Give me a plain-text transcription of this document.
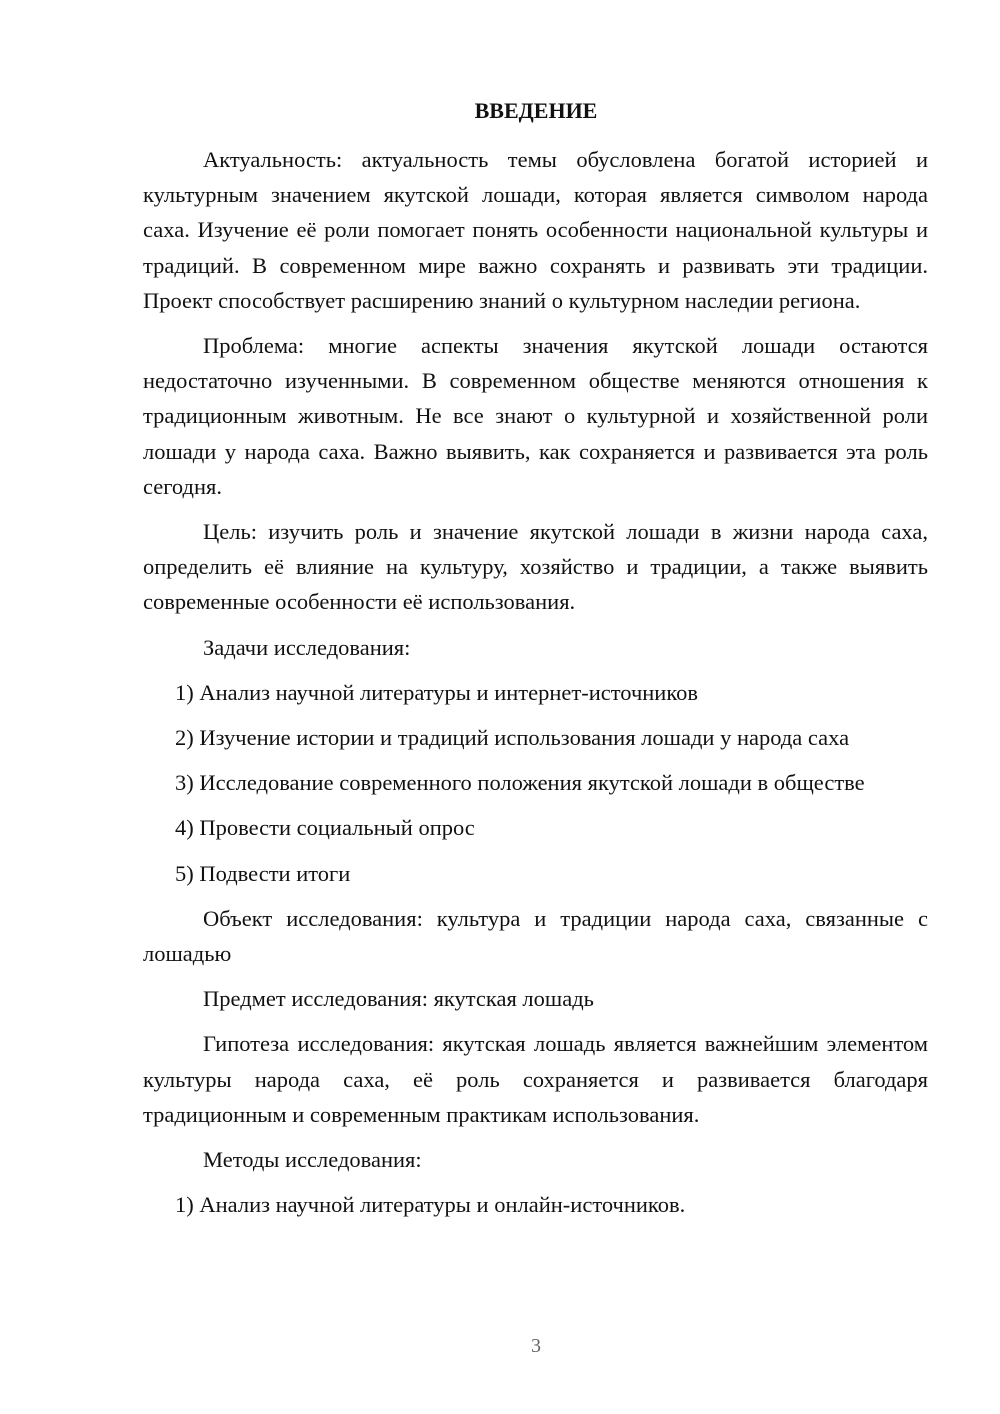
ВВЕДЕНИЕ

Актуальность: актуальность темы обусловлена богатой историей и культурным значением якутской лошади, которая является символом народа саха. Изучение её роли помогает понять особенности национальной культуры и традиций. В современном мире важно сохранять и развивать эти традиции. Проект способствует расширению знаний о культурном наследии региона.

Проблема: многие аспекты значения якутской лошади остаются недостаточно изученными. В современном обществе меняются отношения к традиционным животным. Не все знают о культурной и хозяйственной роли лошади у народа саха. Важно выявить, как сохраняется и развивается эта роль сегодня.

Цель: изучить роль и значение якутской лошади в жизни народа саха, определить её влияние на культуру, хозяйство и традиции, а также выявить современные особенности её использования.

Задачи исследования:

1) Анализ научной литературы и интернет-источников

2) Изучение истории и традиций использования лошади у народа саха

3) Исследование современного положения якутской лошади в обществе

4) Провести социальный опрос

5) Подвести итоги

Объект исследования: культура и традиции народа саха, связанные с лошадью

Предмет исследования: якутская лошадь

Гипотеза исследования: якутская лошадь является важнейшим элементом культуры народа саха, её роль сохраняется и развивается благодаря традиционным и современным практикам использования.

Методы исследования:

1) Анализ научной литературы и онлайн-источников.

3
